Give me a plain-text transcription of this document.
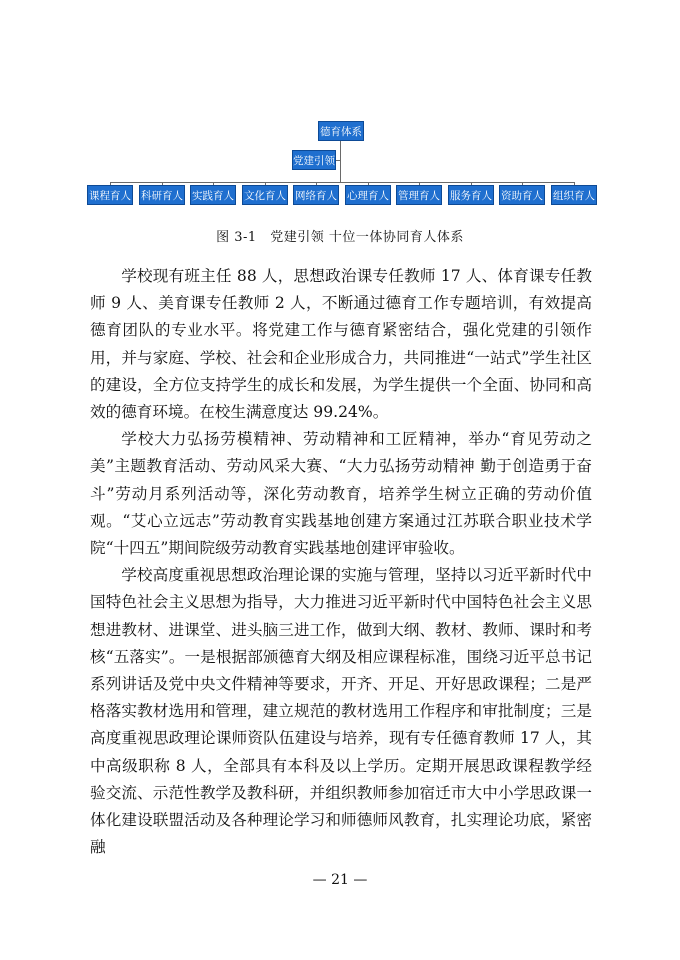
德育体系
党建引领
课程育人 科研育人 实践育人 文化育人 网络育人 心理育人 管理育人 服务育人 资助育人 组织育人
图 3-1　党建引领 十位一体协同育人体系

学校现有班主任 88 人，思想政治课专任教师 17 人、体育课专任教师 9 人、美育课专任教师 2 人，不断通过德育工作专题培训，有效提高德育团队的专业水平。将党建工作与德育紧密结合，强化党建的引领作用，并与家庭、学校、社会和企业形成合力，共同推进“一站式”学生社区的建设，全方位支持学生的成长和发展，为学生提供一个全面、协同和高效的德育环境。在校生满意度达 99.24%。

学校大力弘扬劳模精神、劳动精神和工匠精神，举办“育见劳动之美”主题教育活动、劳动风采大赛、“大力弘扬劳动精神 勤于创造勇于奋斗”劳动月系列活动等，深化劳动教育，培养学生树立正确的劳动价值观。“艾心立远志”劳动教育实践基地创建方案通过江苏联合职业技术学院“十四五”期间院级劳动教育实践基地创建评审验收。

学校高度重视思想政治理论课的实施与管理，坚持以习近平新时代中国特色社会主义思想为指导，大力推进习近平新时代中国特色社会主义思想进教材、进课堂、进头脑三进工作，做到大纲、教材、教师、课时和考核“五落实”。一是根据部颁德育大纲及相应课程标准，围绕习近平总书记系列讲话及党中央文件精神等要求，开齐、开足、开好思政课程；二是严格落实教材选用和管理，建立规范的教材选用工作程序和审批制度；三是高度重视思政理论课师资队伍建设与培养，现有专任德育教师 17 人，其中高级职称 8 人，全部具有本科及以上学历。定期开展思政课程教学经验交流、示范性教学及教科研，并组织教师参加宿迁市大中小学思政课一体化建设联盟活动及各种理论学习和师德师风教育，扎实理论功底，紧密融

— 21 —
